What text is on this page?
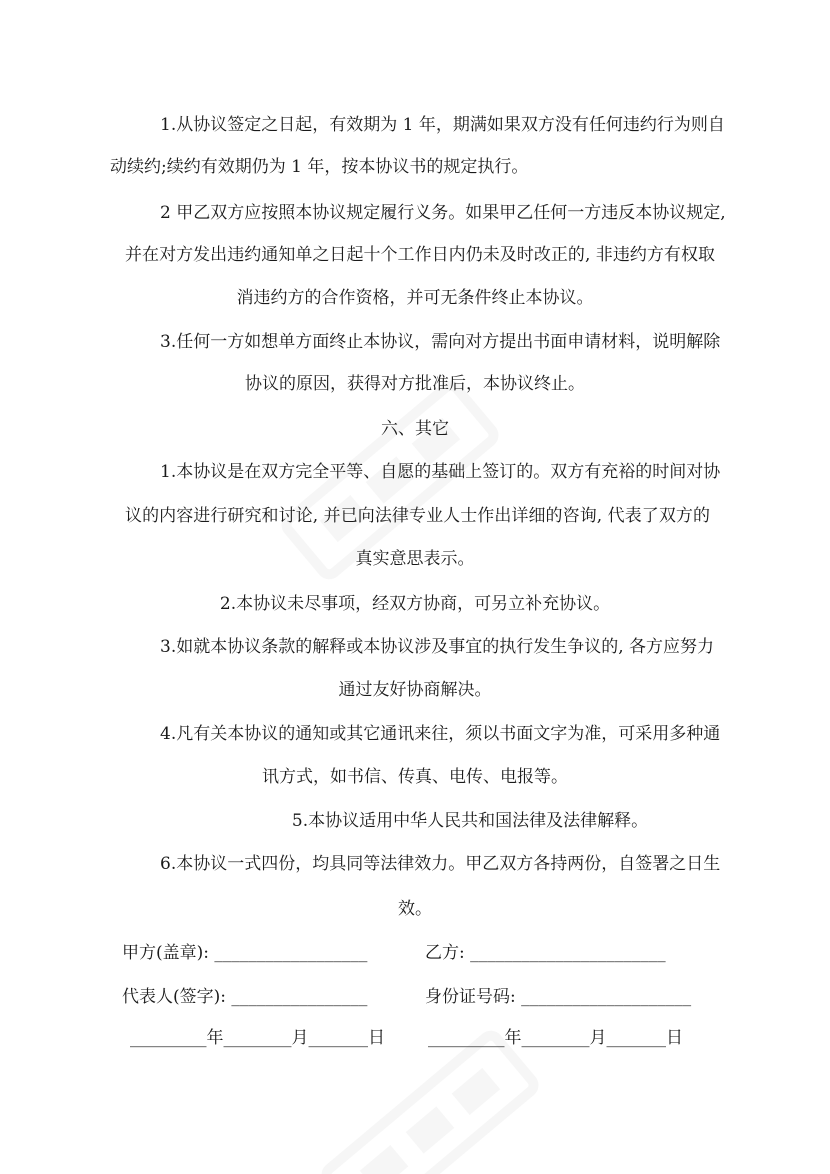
1.从协议签定之日起，有效期为 1 年，期满如果双方没有任何违约行为则自
动续约;续约有效期仍为 1 年，按本协议书的规定执行。
2 甲乙双方应按照本协议规定履行义务。如果甲乙任何一方违反本协议规定,
并在对方发出违约通知单之日起十个工作日内仍未及时改正的, 非违约方有权取
消违约方的合作资格，并可无条件终止本协议。
3.任何一方如想单方面终止本协议，需向对方提出书面申请材料，说明解除
协议的原因，获得对方批准后，本协议终止。
六、其它
1.本协议是在双方完全平等、自愿的基础上签订的。双方有充裕的时间对协
议的内容进行研究和讨论, 并已向法律专业人士作出详细的咨询, 代表了双方的
真实意思表示。
2.本协议未尽事项，经双方协商，可另立补充协议。
3.如就本协议条款的解释或本协议涉及事宜的执行发生争议的, 各方应努力
通过友好协商解决。
4.凡有关本协议的通知或其它通讯来往，须以书面文字为准，可采用多种通
讯方式，如书信、传真、电传、电报等。
5.本协议适用中华人民共和国法律及法律解释。
6.本协议一式四份，均具同等法律效力。甲乙双方各持两份，自签署之日生
效。
甲方(盖章): __________________	乙方: _______________________
代表人(签字): ________________	身份证号码: ____________________
_________年________月_______日	_________年________月_______日
